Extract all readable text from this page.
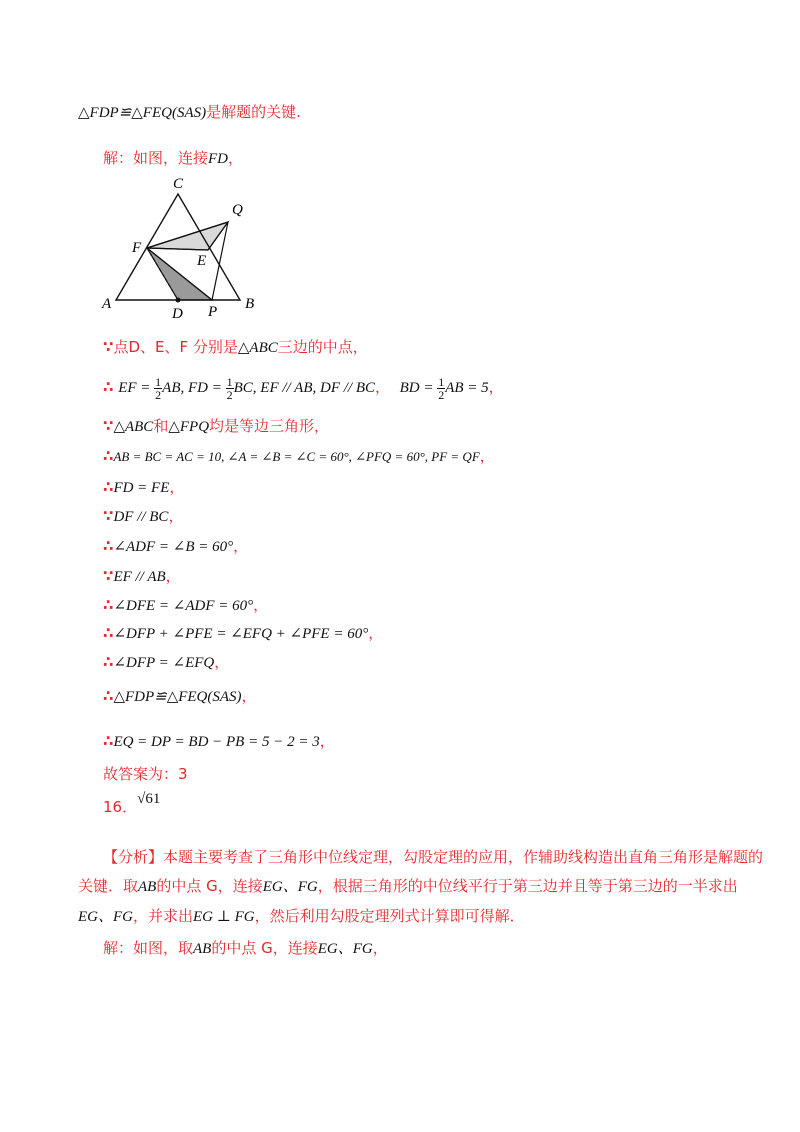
△FDP≌△FEQ(SAS)是解题的关键.
解：如图，连接FD，
A	B
C
D
E
F
P
Q
∵点D、E、F 分别是△ABC三边的中点，
∴ EF = $\frac{1}{2}$ AB, FD = $\frac{1}{2}$ BC, EF // AB, DF // BC， BD = $\frac{1}{2}$ AB = 5，
∵△ABC和△FPQ均是等边三角形，
∴AB = BC = AC = 10, ∠A = ∠B = ∠C = 60°, ∠PFQ = 60°, PF = QF，
∴FD = FE，
∵DF // BC，
∴∠ADF = ∠B = 60°，
∵EF // AB，
∴∠DFE = ∠ADF = 60°，
∴∠DFP + ∠PFE = ∠EFQ + ∠PFE = 60°，
∴∠DFP = ∠EFQ，
∴△FDP≌△FEQ(SAS)，
∴EQ = DP = BD − PB = 5 − 2 = 3，
故答案为：3
16．√61
【分析】本题主要考查了三角形中位线定理，勾股定理的应用，作辅助线构造出直角三角形是解题的
关键．取AB的中点 G，连接EG、FG，根据三角形的中位线平行于第三边并且等于第三边的一半求出
EG、FG，并求出EG ⊥ FG，然后利用勾股定理列式计算即可得解．
解：如图，取AB的中点 G，连接EG、FG，
